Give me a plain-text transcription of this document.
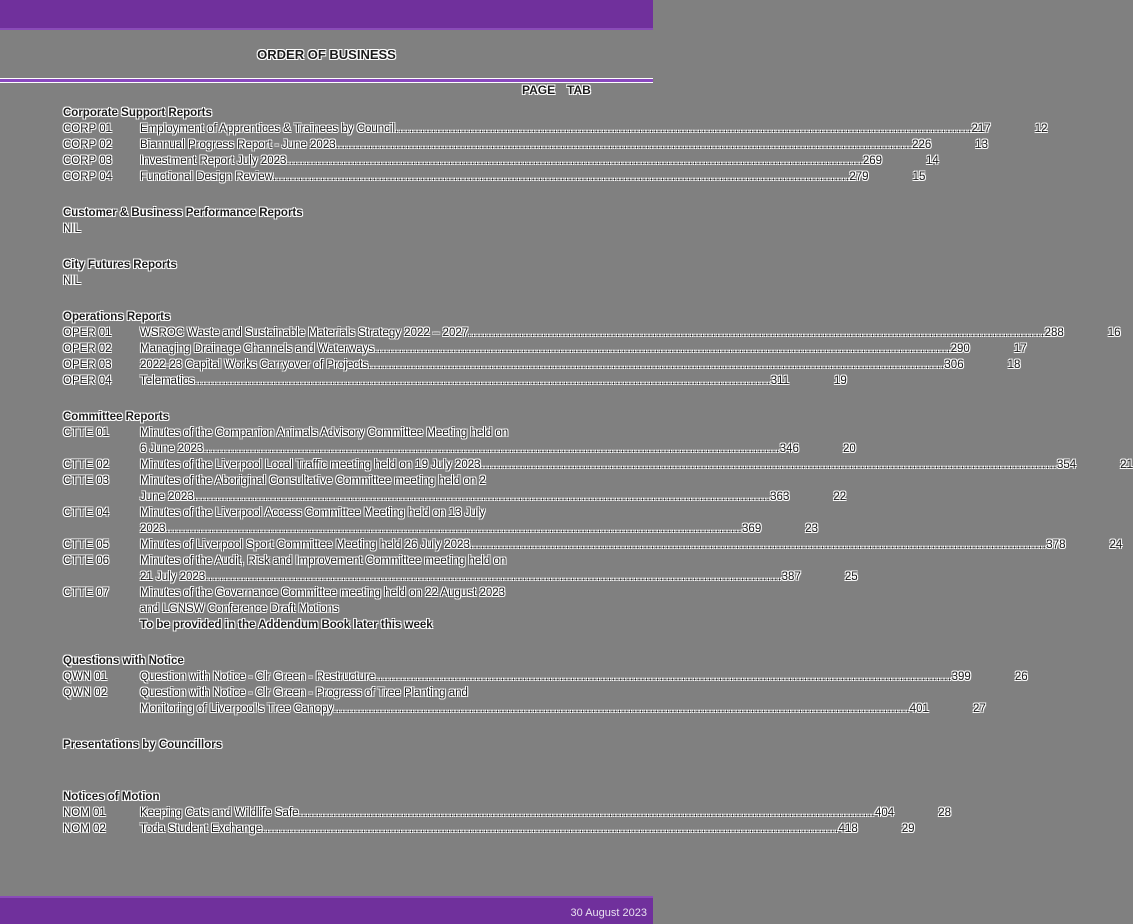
ORDER OF BUSINESS
PAGE TAB
Corporate Support Reports
CORP 01	Employment of Apprentices & Trainees by Council .....	217	12
CORP 02	Biannual Progress Report - June 2023 .....	226	13
CORP 03	Investment Report July 2023 .....	269	14
CORP 04	Functional Design Review .....	279	15
Customer & Business Performance Reports
NIL
City Futures Reports
NIL
Operations Reports
OPER 01	WSROC Waste and Sustainable Materials Strategy 2022 – 2027 .....	288	16
OPER 02	Managing Drainage Channels and Waterways .....	290	17
OPER 03	2022-23 Capital Works Carryover of Projects .....	306	18
OPER 04	Telematics .....	311	19
Committee Reports
CTTE 01	Minutes of the Companion Animals Advisory Committee Meeting held on
6 June 2023 .....	346	20
CTTE 02	Minutes of the Liverpool Local Traffic meeting held on 19 July 2023 .....	354	21
CTTE 03	Minutes of the Aboriginal Consultative Committee meeting held on 2
June 2023 .....	363	22
CTTE 04	Minutes of the Liverpool Access Committee Meeting held on 13 July
2023 .....	369	23
CTTE 05	Minutes of Liverpool Sport Committee Meeting held 26 July 2023 .....	378	24
CTTE 06	Minutes of the Audit, Risk and Improvement Committee meeting held on
21 July 2023 .....	387	25
CTTE 07	Minutes of the Governance Committee meeting held on 22 August 2023
and LGNSW Conference Draft Motions
To be provided in the Addendum Book later this week
Questions with Notice
QWN 01	Question with Notice - Clr Green - Restructure .....	399	26
QWN 02	Question with Notice - Clr Green - Progress of Tree Planting and
Monitoring of Liverpool's Tree Canopy .....	401	27
Presentations by Councillors
Notices of Motion
NOM 01	Keeping Cats and Wildlife Safe .....	404	28
NOM 02	Toda Student Exchange .....	418	29
30 August 2023
